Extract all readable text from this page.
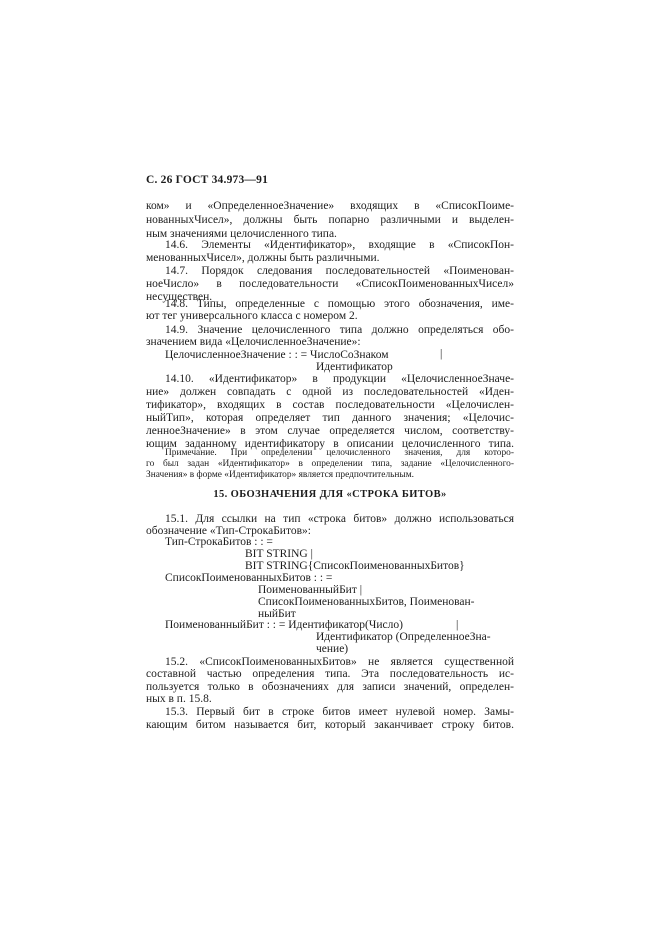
С. 26 ГОСТ 34.973—91
ком» и «ОпределенноеЗначение» входящих в «СписокПоиме-
нованныхЧисел», должны быть попарно различными и выделен-
ным значениями целочисленного типа.
14.6. Элементы «Идентификатор», входящие в «СписокПон-
менованныхЧисел», должны быть различными.
14.7. Порядок следования последовательностей «Поименован-
ноеЧисло» в последовательности «СписокПоименованныхЧисел»
несуществен.
14.8. Типы, определенные с помощью этого обозначения, име-
ют тег универсального класса с номером 2.
14.9. Значение целочисленного типа должно определяться обо-
значением вида «ЦелочисленноеЗначение»:
ЦелочисленноеЗначение : : = ЧислоСоЗнаком	|
Идентификатор
14.10. «Идентификатор» в продукции «ЦелочисленноеЗначе-
ние» должен совпадать с одной из последовательностей «Иден-
тификатор», входящих в состав последовательности «Целочислен-
ныйТип», которая определяет тип данного значения; «Целочис-
ленноеЗначение» в этом случае определяется числом, соответству-
ющим заданному идентификатору в описании целочисленного типа.
Примечание. При определении целочисленного значения, для которо-
го был задан «Идентификатор» в определении типа, задание «Целочисленного-
Значения» в форме «Идентификатор» является предпочтительным.
15. ОБОЗНАЧЕНИЯ ДЛЯ «СТРОКА БИТОВ»
15.1. Для ссылки на тип «строка битов» должно использоваться
обозначение «Тип-СтрокаБитов»:
Тип-СтрокаБитов : : =
BIT STRING |
BIT STRING{СписокПоименованныхБитов}
СписокПоименованныхБитов : : =
ПоименованныйБит |
СписокПоименованныхБитов, Поименован-
ныйБит
ПоименованныйБит : : = Идентификатор(Число)	|
Идентификатор (ОпределенноеЗна-
чение)
15.2. «СписокПоименованныхБитов» не является существенной
составной частью определения типа. Эта последовательность ис-
пользуется только в обозначениях для записи значений, определен-
ных в п. 15.8.
15.3. Первый бит в строке битов имеет нулевой номер. Замы-
кающим битом называется бит, который заканчивает строку битов.
